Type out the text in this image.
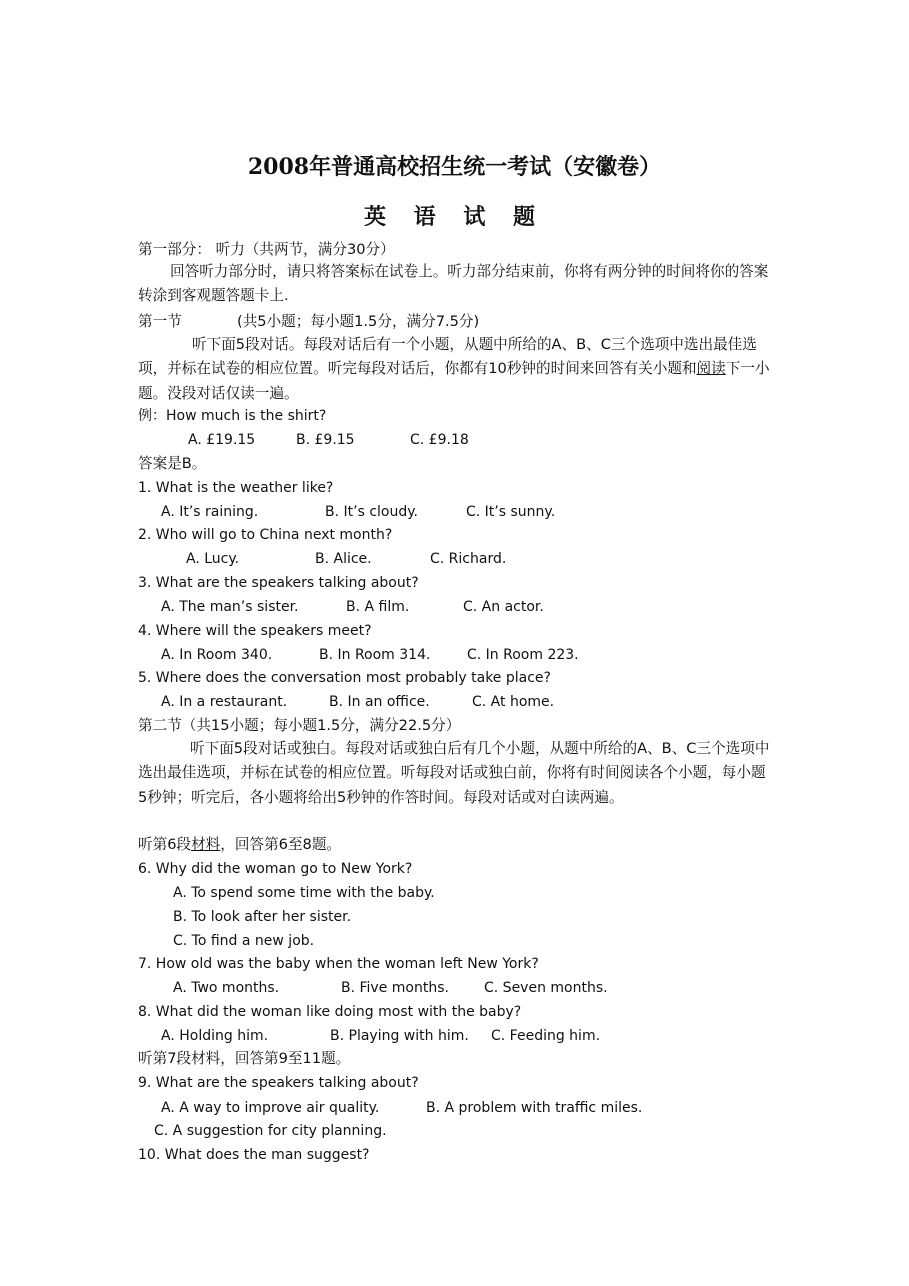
2008年普通高校招生统一考试（安徽卷）
英 语 试 题
第一部分： 听力（共两节，满分30分）
回答听力部分时，请只将答案标在试卷上。听力部分结束前，你将有两分钟的时间将你的答案转涂到客观题答题卡上.
第一节	(共5小题；每小题1.5分，满分7.5分)
听下面5段对话。每段对话后有一个小题，从题中所给的A、B、C三个选项中选出最佳选项，并标在试卷的相应位置。听完每段对话后，你都有10秒钟的时间来回答有关小题和阅读下一小题。没段对话仅读一遍。
例：How much is the shirt?
A. £19.15	B. £9.15	C. £9.18
答案是B。
1. What is the weather like?
A. It’s raining.	B. It’s cloudy.	C. It’s sunny.
2. Who will go to China next month?
A. Lucy.	B. Alice.	C. Richard.
3. What are the speakers talking about?
A. The man’s sister.	B. A film.	C. An actor.
4. Where will the speakers meet?
A. In Room 340.	B. In Room 314.	C. In Room 223.
5. Where does the conversation most probably take place?
A. In a restaurant.	B. In an office.	C. At home.
第二节（共15小题；每小题1.5分，满分22.5分）
听下面5段对话或独白。每段对话或独白后有几个小题，从题中所给的A、B、C三个选项中选出最佳选项，并标在试卷的相应位置。听每段对话或独白前，你将有时间阅读各个小题，每小题5秒钟；听完后，各小题将给出5秒钟的作答时间。每段对话或对白读两遍。
听第6段材料，回答第6至8题。
6. Why did the woman go to New York?
A. To spend some time with the baby.
B. To look after her sister.
C. To find a new job.
7. How old was the baby when the woman left New York?
A. Two months.	B. Five months.	C. Seven months.
8. What did the woman like doing most with the baby?
A. Holding him.	B. Playing with him. C. Feeding him.
听第7段材料，回答第9至11题。
9. What are the speakers talking about?
A. A way to improve air quality.	B. A problem with traffic miles.
C. A suggestion for city planning.
10. What does the man suggest?
